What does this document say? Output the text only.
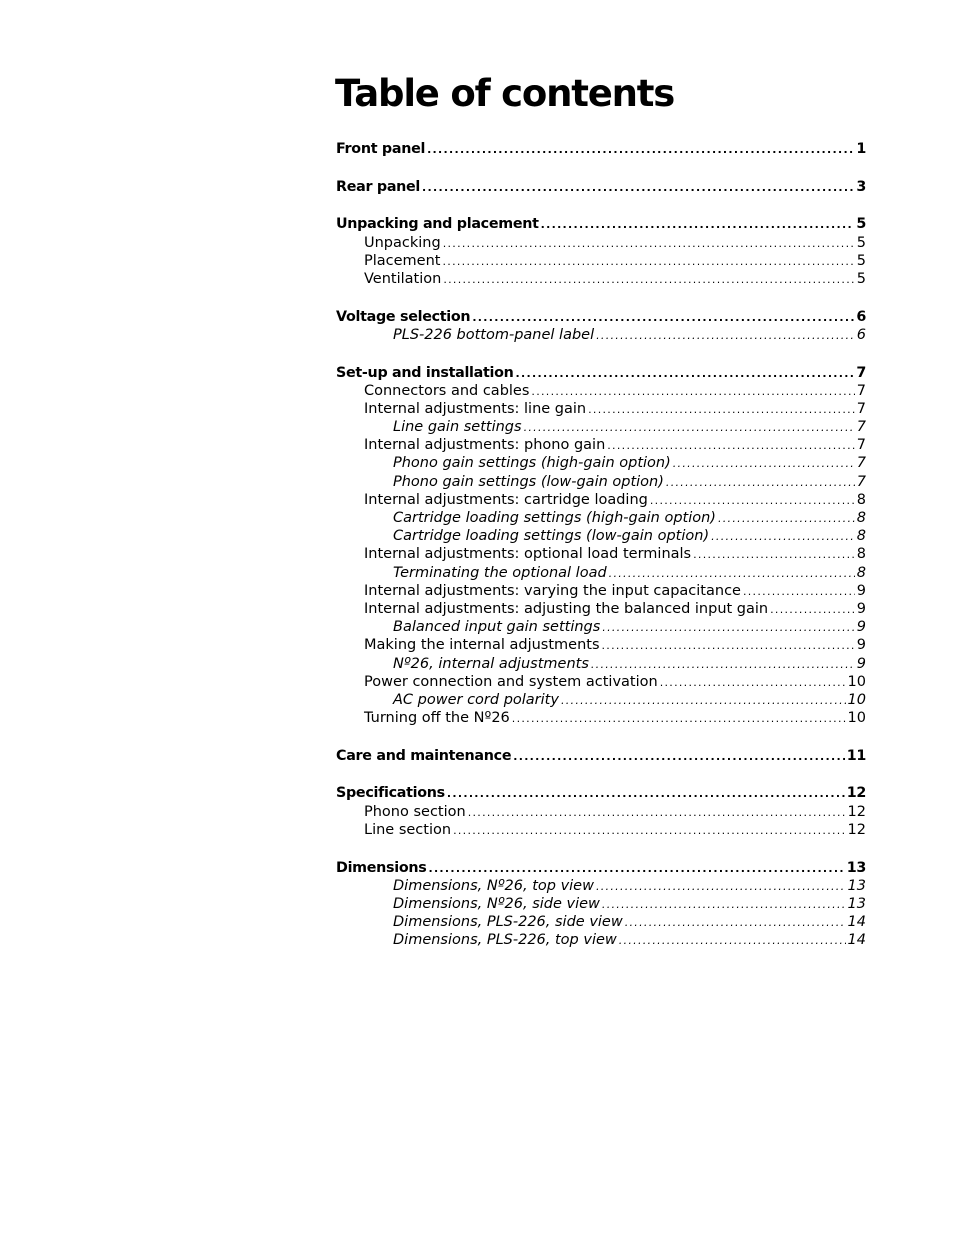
Table of contents
Front panel .....	1
Rear panel .....	3
Unpacking and placement .....	5
Unpacking .....	5
Placement .....	5
Ventilation .....	5
Voltage selection .....	6
PLS-226 bottom-panel label .....	6
Set-up and installation .....	7
Connectors and cables .....	7
Internal adjustments: line gain .....	7
Line gain settings .....	7
Internal adjustments: phono gain .....	7
Phono gain settings (high-gain option) .....	7
Phono gain settings (low-gain option) .....	7
Internal adjustments: cartridge loading .....	8
Cartridge loading settings (high-gain option) .....	8
Cartridge loading settings (low-gain option) .....	8
Internal adjustments: optional load terminals .....	8
Terminating the optional load .....	8
Internal adjustments: varying the input capacitance .....	9
Internal adjustments: adjusting the balanced input gain .....	9
Balanced input gain settings .....	9
Making the internal adjustments .....	9
Nº26, internal adjustments .....	9
Power connection and system activation .....	10
AC power cord polarity .....	10
Turning off the Nº26 .....	10
Care and maintenance .....	11
Specifications .....	12
Phono section .....	12
Line section .....	12
Dimensions .....	13
Dimensions, Nº26, top view .....	13
Dimensions, Nº26, side view .....	13
Dimensions, PLS-226, side view .....	14
Dimensions, PLS-226, top view .....	14
